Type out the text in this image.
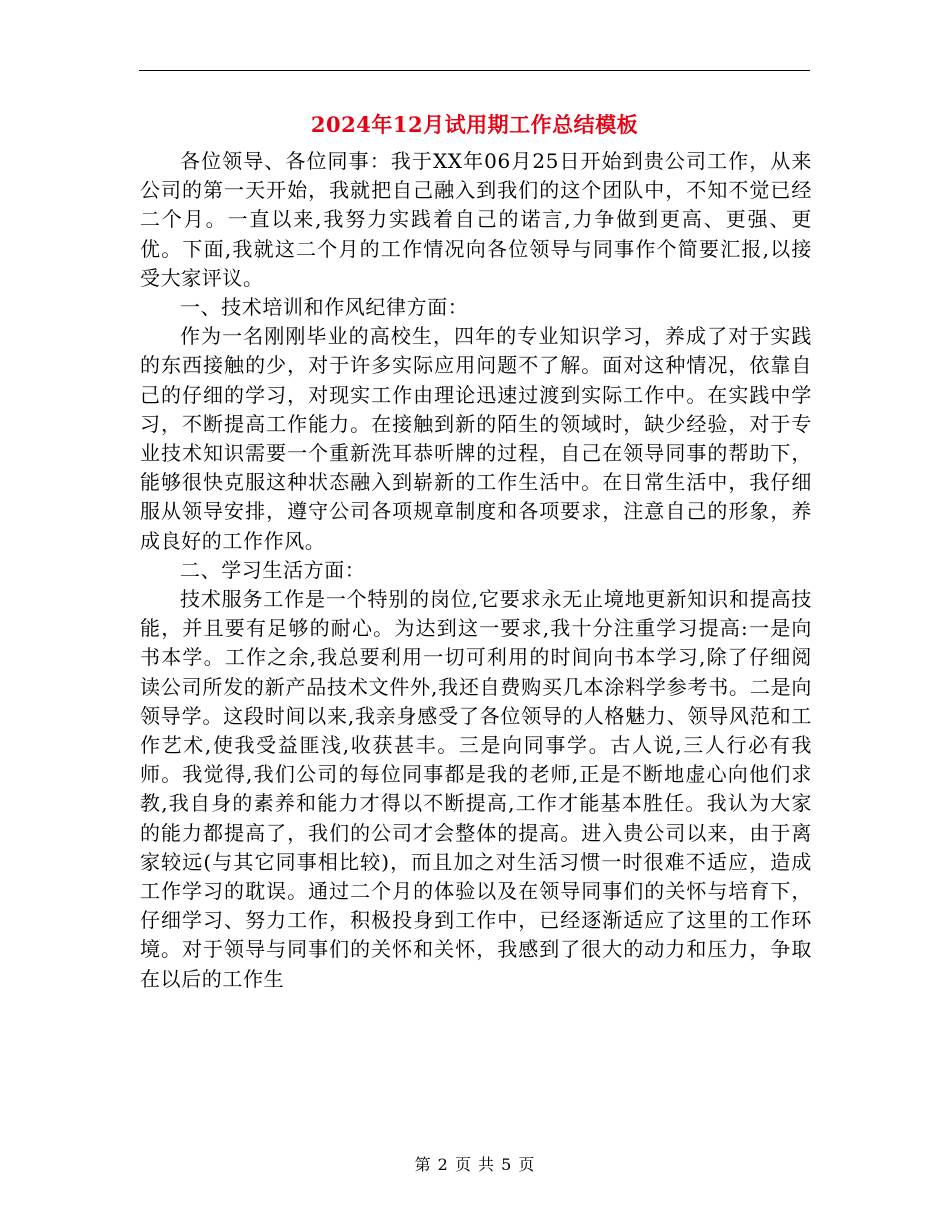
2024年12月试用期工作总结模板

各位领导、各位同事：我于XX年06月25日开始到贵公司工作，从来公司的第一天开始，我就把自己融入到我们的这个团队中，不知不觉已经二个月。一直以来,我努力实践着自己的诺言,力争做到更高、更强、更优。下面,我就这二个月的工作情况向各位领导与同事作个简要汇报,以接受大家评议。

一、技术培训和作风纪律方面：

作为一名刚刚毕业的高校生，四年的专业知识学习，养成了对于实践的东西接触的少，对于许多实际应用问题不了解。面对这种情况，依靠自己的仔细的学习，对现实工作由理论迅速过渡到实际工作中。在实践中学习，不断提高工作能力。在接触到新的陌生的领域时，缺少经验，对于专业技术知识需要一个重新洗耳恭听牌的过程，自己在领导同事的帮助下，能够很快克服这种状态融入到崭新的工作生活中。在日常生活中，我仔细服从领导安排，遵守公司各项规章制度和各项要求，注意自己的形象，养成良好的工作作风。

二、学习生活方面：

技术服务工作是一个特别的岗位,它要求永无止境地更新知识和提高技能，并且要有足够的耐心。为达到这一要求,我十分注重学习提高:一是向书本学。工作之余,我总要利用一切可利用的时间向书本学习,除了仔细阅读公司所发的新产品技术文件外,我还自费购买几本涂料学参考书。二是向领导学。这段时间以来,我亲身感受了各位领导的人格魅力、领导风范和工作艺术,使我受益匪浅,收获甚丰。三是向同事学。古人说,三人行必有我师。我觉得,我们公司的每位同事都是我的老师,正是不断地虚心向他们求教,我自身的素养和能力才得以不断提高,工作才能基本胜任。我认为大家的能力都提高了，我们的公司才会整体的提高。进入贵公司以来，由于离家较远(与其它同事相比较)，而且加之对生活习惯一时很难不适应，造成工作学习的耽误。通过二个月的体验以及在领导同事们的关怀与培育下，仔细学习、努力工作，积极投身到工作中，已经逐渐适应了这里的工作环境。对于领导与同事们的关怀和关怀，我感到了很大的动力和压力，争取在以后的工作生

第 2 页 共 5 页
